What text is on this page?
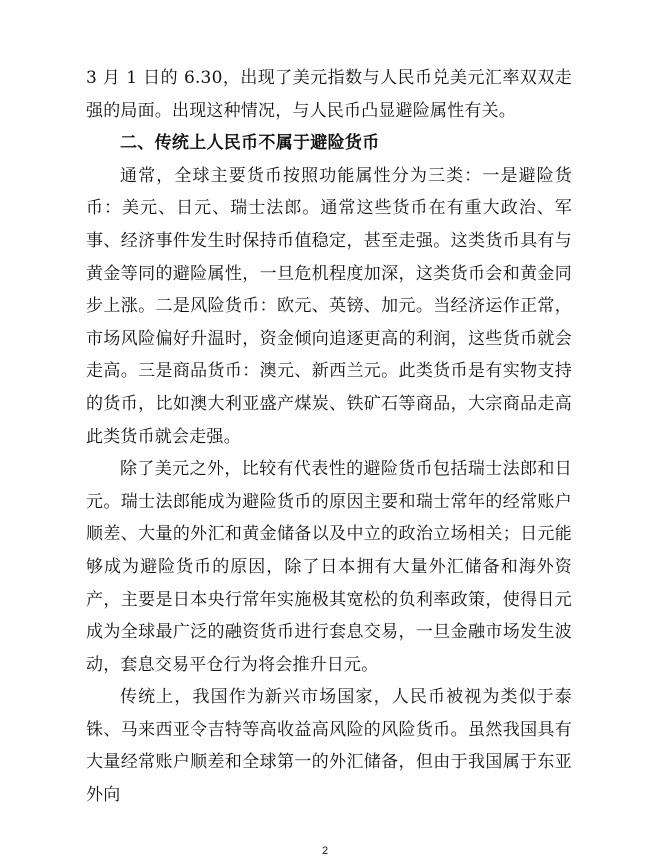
3 月 1 日的 6.30，出现了美元指数与人民币兑美元汇率双双走强的局面。出现这种情况，与人民币凸显避险属性有关。

二、传统上人民币不属于避险货币

通常，全球主要货币按照功能属性分为三类：一是避险货币：美元、日元、瑞士法郎。通常这些货币在有重大政治、军事、经济事件发生时保持币值稳定，甚至走强。这类货币具有与黄金等同的避险属性，一旦危机程度加深，这类货币会和黄金同步上涨。二是风险货币：欧元、英镑、加元。当经济运作正常，市场风险偏好升温时，资金倾向追逐更高的利润，这些货币就会走高。三是商品货币：澳元、新西兰元。此类货币是有实物支持的货币，比如澳大利亚盛产煤炭、铁矿石等商品，大宗商品走高此类货币就会走强。

除了美元之外，比较有代表性的避险货币包括瑞士法郎和日元。瑞士法郎能成为避险货币的原因主要和瑞士常年的经常账户顺差、大量的外汇和黄金储备以及中立的政治立场相关；日元能够成为避险货币的原因，除了日本拥有大量外汇储备和海外资产，主要是日本央行常年实施极其宽松的负利率政策，使得日元成为全球最广泛的融资货币进行套息交易，一旦金融市场发生波动，套息交易平仓行为将会推升日元。

传统上，我国作为新兴市场国家，人民币被视为类似于泰铢、马来西亚令吉特等高收益高风险的风险货币。虽然我国具有大量经常账户顺差和全球第一的外汇储备，但由于我国属于东亚外向

2
